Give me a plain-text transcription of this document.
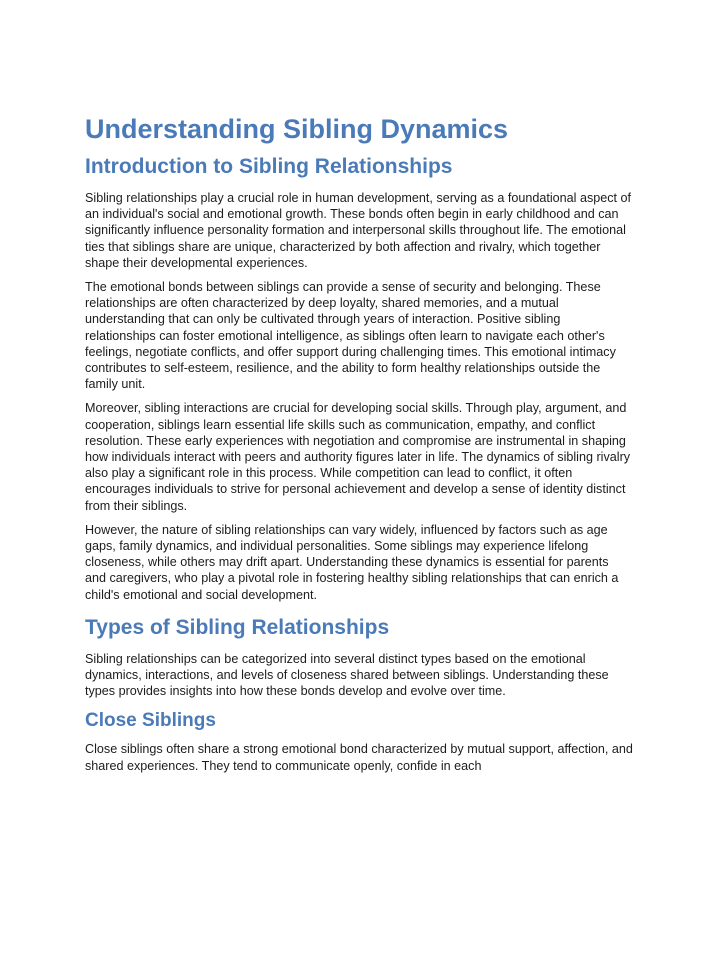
Understanding Sibling Dynamics
Introduction to Sibling Relationships

Sibling relationships play a crucial role in human development, serving as a foundational aspect of an individual's social and emotional growth. These bonds often begin in early childhood and can significantly influence personality formation and interpersonal skills throughout life. The emotional ties that siblings share are unique, characterized by both affection and rivalry, which together shape their developmental experiences.

The emotional bonds between siblings can provide a sense of security and belonging. These relationships are often characterized by deep loyalty, shared memories, and a mutual understanding that can only be cultivated through years of interaction. Positive sibling relationships can foster emotional intelligence, as siblings often learn to navigate each other's feelings, negotiate conflicts, and offer support during challenging times. This emotional intimacy contributes to self-esteem, resilience, and the ability to form healthy relationships outside the family unit.

Moreover, sibling interactions are crucial for developing social skills. Through play, argument, and cooperation, siblings learn essential life skills such as communication, empathy, and conflict resolution. These early experiences with negotiation and compromise are instrumental in shaping how individuals interact with peers and authority figures later in life. The dynamics of sibling rivalry also play a significant role in this process. While competition can lead to conflict, it often encourages individuals to strive for personal achievement and develop a sense of identity distinct from their siblings.

However, the nature of sibling relationships can vary widely, influenced by factors such as age gaps, family dynamics, and individual personalities. Some siblings may experience lifelong closeness, while others may drift apart. Understanding these dynamics is essential for parents and caregivers, who play a pivotal role in fostering healthy sibling relationships that can enrich a child's emotional and social development.

Types of Sibling Relationships

Sibling relationships can be categorized into several distinct types based on the emotional dynamics, interactions, and levels of closeness shared between siblings. Understanding these types provides insights into how these bonds develop and evolve over time.

Close Siblings

Close siblings often share a strong emotional bond characterized by mutual support, affection, and shared experiences. They tend to communicate openly, confide in each
